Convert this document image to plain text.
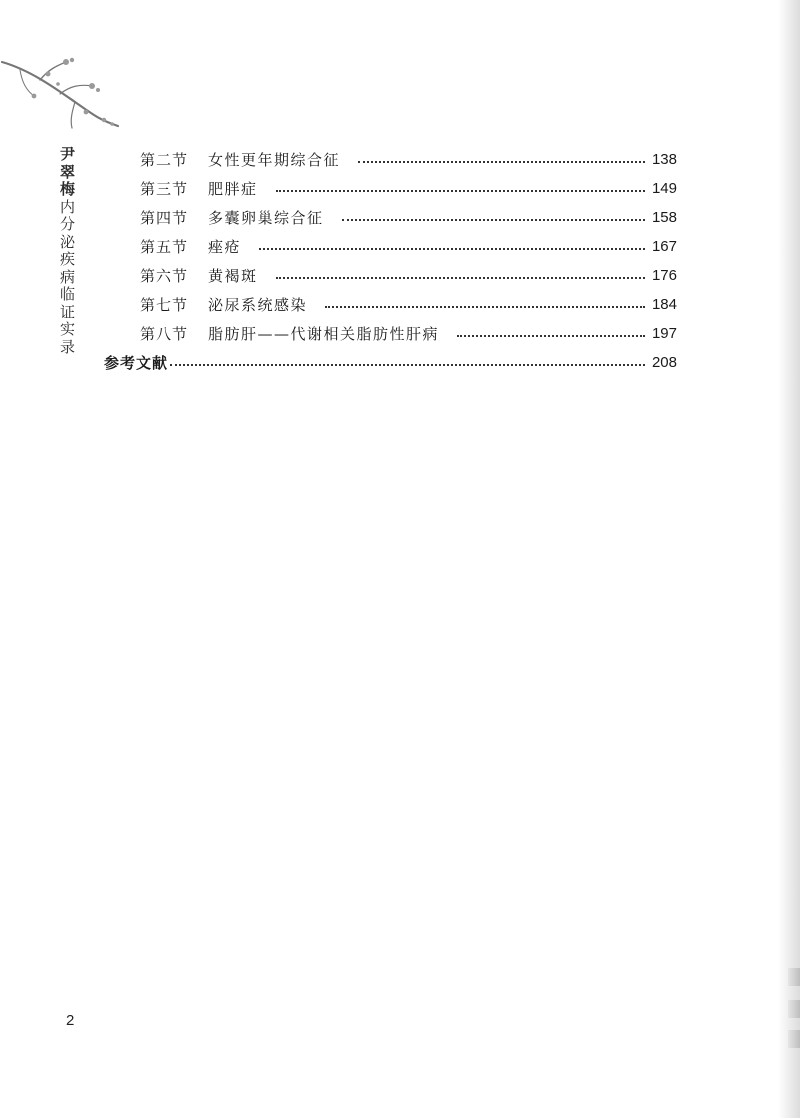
尹
翠
梅
内
分
泌
疾
病
临
证
实
录
第二节	女性更年期综合征	138
第三节	肥胖症	149
第四节	多囊卵巢综合征	158
第五节	痤疮	167
第六节	黄褐斑	176
第七节	泌尿系统感染	184
第八节	脂肪肝——代谢相关脂肪性肝病	197
参考文献	208
2
